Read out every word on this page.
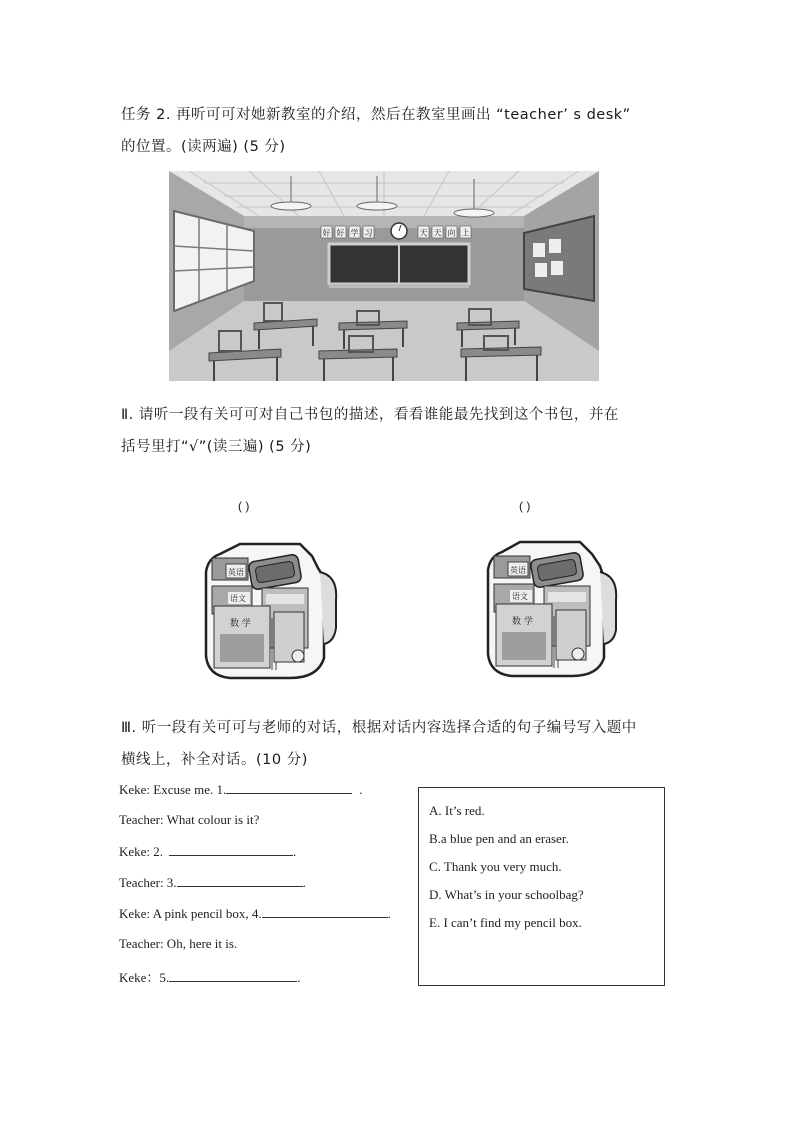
任务 2. 再听可可对她新教室的介绍，然后在教室里画出 “teacher’ s desk”
的位置。(读两遍) (5 分)
好 好 学 习	天 天 向 上
Ⅱ. 请听一段有关可可对自己书包的描述，看看谁能最先找到这个书包，并在
括号里打“√”(读三遍) (5 分)
( )	( )
英语
语文
数 学
英语
语文
数 学
Ⅲ. 听一段有关可可与老师的对话，根据对话内容选择合适的句子编号写入题中
横线上，补全对话。(10 分)
Keke: Excuse me. 1.	.
Teacher: What colour is it?
Keke: 2.	.
Teacher: 3.	.
Keke: A pink pencil box, 4.	.
Teacher: Oh, here it is.
Keke：5.	.
A. It’s red.
B.a blue pen and an eraser.
C. Thank you very much.
D. What’s in your schoolbag?
E. I can’t find my pencil box.
